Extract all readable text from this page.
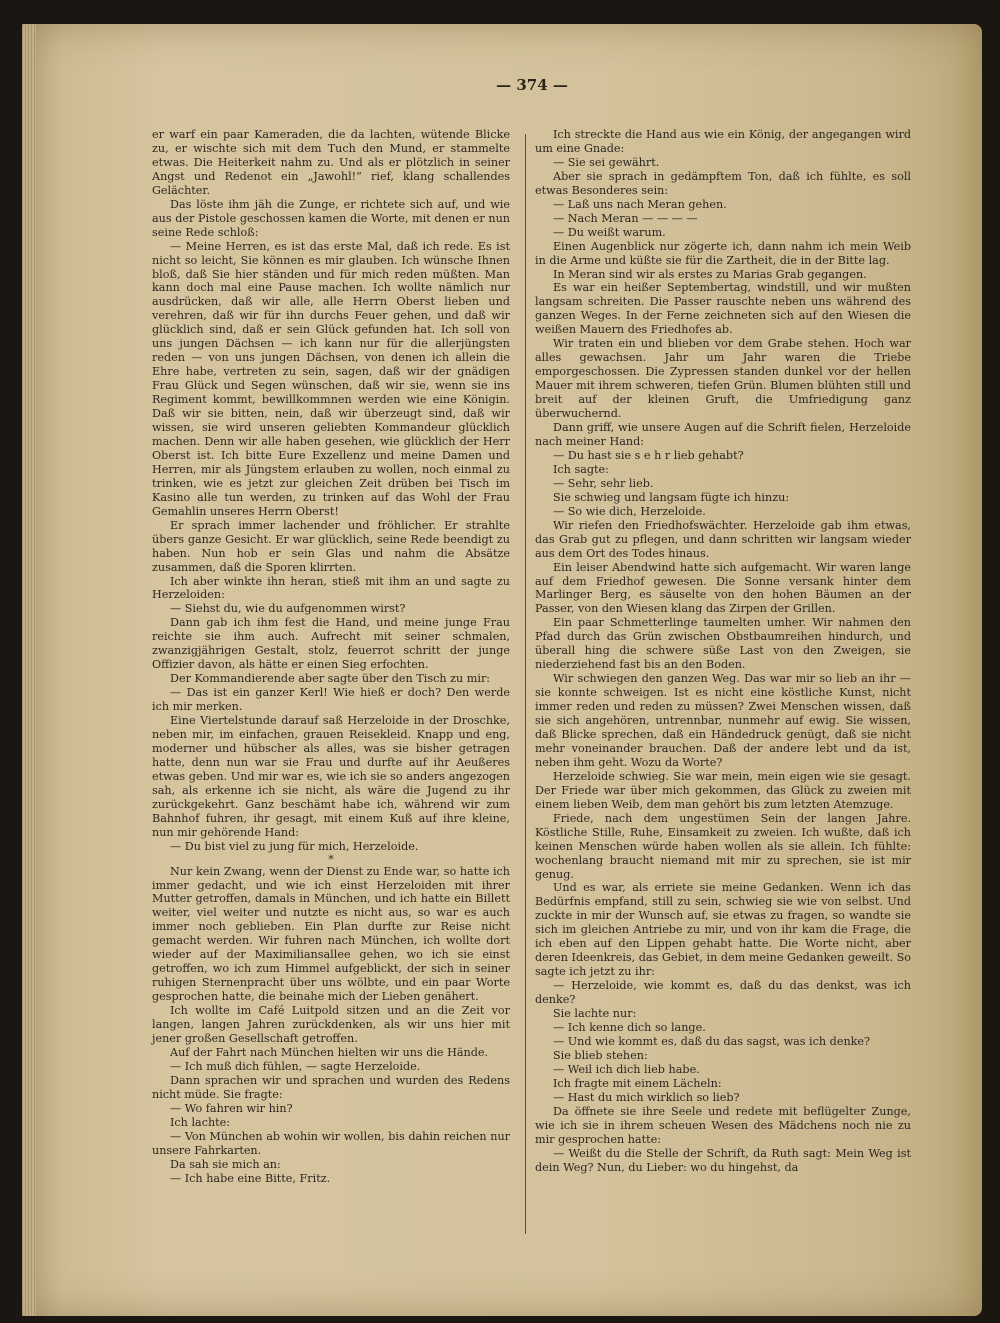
— 374 —

er warf ein paar Kameraden, die da lachten, wütende Blicke zu, er wischte sich mit dem Tuch den Mund, er stammelte etwas. Die Heiterkeit nahm zu. Und als er plötzlich in seiner Angst und Redenot ein „Jawohl!“ rief, klang schallendes Gelächter.

Das löste ihm jäh die Zunge, er richtete sich auf, und wie aus der Pistole geschossen kamen die Worte, mit denen er nun seine Rede schloß:

— Meine Herren, es ist das erste Mal, daß ich rede. Es ist nicht so leicht, Sie können es mir glauben. Ich wünsche Ihnen bloß, daß Sie hier ständen und für mich reden müßten. Man kann doch mal eine Pause machen. Ich wollte nämlich nur ausdrücken, daß wir alle, alle Herrn Oberst lieben und verehren, daß wir für ihn durchs Feuer gehen, und daß wir glücklich sind, daß er sein Glück gefunden hat. Ich soll von uns jungen Dächsen — ich kann nur für die allerjüngsten reden — von uns jungen Dächsen, von denen ich allein die Ehre habe, vertreten zu sein, sagen, daß wir der gnädigen Frau Glück und Segen wünschen, daß wir sie, wenn sie ins Regiment kommt, bewillkommnen werden wie eine Königin. Daß wir sie bitten, nein, daß wir überzeugt sind, daß wir wissen, sie wird unseren geliebten Kommandeur glücklich machen. Denn wir alle haben gesehen, wie glücklich der Herr Oberst ist. Ich bitte Eure Exzellenz und meine Damen und Herren, mir als Jüngstem erlauben zu wollen, noch einmal zu trinken, wie es jetzt zur gleichen Zeit drüben bei Tisch im Kasino alle tun werden, zu trinken auf das Wohl der Frau Gemahlin unseres Herrn Oberst!

Er sprach immer lachender und fröhlicher. Er strahlte übers ganze Gesicht. Er war glücklich, seine Rede beendigt zu haben. Nun hob er sein Glas und nahm die Absätze zusammen, daß die Sporen klirrten.

Ich aber winkte ihn heran, stieß mit ihm an und sagte zu Herzeloiden:

— Siehst du, wie du aufgenommen wirst?

Dann gab ich ihm fest die Hand, und meine junge Frau reichte sie ihm auch. Aufrecht mit seiner schmalen, zwanzigjährigen Gestalt, stolz, feuerrot schritt der junge Offizier davon, als hätte er einen Sieg erfochten.

Der Kommandierende aber sagte über den Tisch zu mir:

— Das ist ein ganzer Kerl! Wie hieß er doch? Den werde ich mir merken.

Eine Viertelstunde darauf saß Herzeloide in der Droschke, neben mir, im einfachen, grauen Reisekleid. Knapp und eng, moderner und hübscher als alles, was sie bisher getragen hatte, denn nun war sie Frau und durfte auf ihr Aeußeres etwas geben. Und mir war es, wie ich sie so anders angezogen sah, als erkenne ich sie nicht, als wäre die Jugend zu ihr zurückgekehrt. Ganz beschämt habe ich, während wir zum Bahnhof fuhren, ihr gesagt, mit einem Kuß auf ihre kleine, nun mir gehörende Hand:

— Du bist viel zu jung für mich, Herzeloide.

*

Nur kein Zwang, wenn der Dienst zu Ende war, so hatte ich immer gedacht, und wie ich einst Herzeloiden mit ihrer Mutter getroffen, damals in München, und ich hatte ein Billett weiter, viel weiter und nutzte es nicht aus, so war es auch immer noch geblieben. Ein Plan durfte zur Reise nicht gemacht werden. Wir fuhren nach München, ich wollte dort wieder auf der Maximiliansallee gehen, wo ich sie einst getroffen, wo ich zum Himmel aufgeblickt, der sich in seiner ruhigen Sternenpracht über uns wölbte, und ein paar Worte gesprochen hatte, die beinahe mich der Lieben genähert.

Ich wollte im Café Luitpold sitzen und an die Zeit vor langen, langen Jahren zurückdenken, als wir uns hier mit jener großen Gesellschaft getroffen.

Auf der Fahrt nach München hielten wir uns die Hände.

— Ich muß dich fühlen, — sagte Herzeloide.

Dann sprachen wir und sprachen und wurden des Redens nicht müde. Sie fragte:

— Wo fahren wir hin?

Ich lachte:

— Von München ab wohin wir wollen, bis dahin reichen nur unsere Fahrkarten.

Da sah sie mich an:

— Ich habe eine Bitte, Fritz.

Ich streckte die Hand aus wie ein König, der angegangen wird um eine Gnade:

— Sie sei gewährt.

Aber sie sprach in gedämpftem Ton, daß ich fühlte, es soll etwas Besonderes sein:

— Laß uns nach Meran gehen.

— Nach Meran — — — —

— Du weißt warum.

Einen Augenblick nur zögerte ich, dann nahm ich mein Weib in die Arme und küßte sie für die Zartheit, die in der Bitte lag.

In Meran sind wir als erstes zu Marias Grab gegangen.

Es war ein heißer Septembertag, windstill, und wir mußten langsam schreiten. Die Passer rauschte neben uns während des ganzen Weges. In der Ferne zeichneten sich auf den Wiesen die weißen Mauern des Friedhofes ab.

Wir traten ein und blieben vor dem Grabe stehen. Hoch war alles gewachsen. Jahr um Jahr waren die Triebe emporgeschossen. Die Zypressen standen dunkel vor der hellen Mauer mit ihrem schweren, tiefen Grün. Blumen blühten still und breit auf der kleinen Gruft, die Umfriedigung ganz überwuchernd.

Dann griff, wie unsere Augen auf die Schrift fielen, Herzeloide nach meiner Hand:

— Du hast sie s e h r lieb gehabt?

Ich sagte:

— Sehr, sehr lieb.

Sie schwieg und langsam fügte ich hinzu:

— So wie dich, Herzeloide.

Wir riefen den Friedhofswächter. Herzeloide gab ihm etwas, das Grab gut zu pflegen, und dann schritten wir langsam wieder aus dem Ort des Todes hinaus.

Ein leiser Abendwind hatte sich aufgemacht. Wir waren lange auf dem Friedhof gewesen. Die Sonne versank hinter dem Marlinger Berg, es säuselte von den hohen Bäumen an der Passer, von den Wiesen klang das Zirpen der Grillen.

Ein paar Schmetterlinge taumelten umher. Wir nahmen den Pfad durch das Grün zwischen Obstbaumreihen hindurch, und überall hing die schwere süße Last von den Zweigen, sie niederziehend fast bis an den Boden.

Wir schwiegen den ganzen Weg. Das war mir so lieb an ihr — sie konnte schweigen. Ist es nicht eine köstliche Kunst, nicht immer reden und reden zu müssen? Zwei Menschen wissen, daß sie sich angehören, untrennbar, nunmehr auf ewig. Sie wissen, daß Blicke sprechen, daß ein Händedruck genügt, daß sie nicht mehr voneinander brauchen. Daß der andere lebt und da ist, neben ihm geht. Wozu da Worte?

Herzeloide schwieg. Sie war mein, mein eigen wie sie gesagt. Der Friede war über mich gekommen, das Glück zu zweien mit einem lieben Weib, dem man gehört bis zum letzten Atemzuge.

Friede, nach dem ungestümen Sein der langen Jahre. Köstliche Stille, Ruhe, Einsamkeit zu zweien. Ich wußte, daß ich keinen Menschen würde haben wollen als sie allein. Ich fühlte: wochenlang braucht niemand mit mir zu sprechen, sie ist mir genug.

Und es war, als erriete sie meine Gedanken. Wenn ich das Bedürfnis empfand, still zu sein, schwieg sie wie von selbst. Und zuckte in mir der Wunsch auf, sie etwas zu fragen, so wandte sie sich im gleichen Antriebe zu mir, und von ihr kam die Frage, die ich eben auf den Lippen gehabt hatte. Die Worte nicht, aber deren Ideenkreis, das Gebiet, in dem meine Gedanken geweilt. So sagte ich jetzt zu ihr:

— Herzeloide, wie kommt es, daß du das denkst, was ich denke?

Sie lachte nur:

— Ich kenne dich so lange.

— Und wie kommt es, daß du das sagst, was ich denke?

Sie blieb stehen:

— Weil ich dich lieb habe.

Ich fragte mit einem Lächeln:

— Hast du mich wirklich so lieb?

Da öffnete sie ihre Seele und redete mit beflügelter Zunge, wie ich sie in ihrem scheuen Wesen des Mädchens noch nie zu mir gesprochen hatte:

— Weißt du die Stelle der Schrift, da Ruth sagt: Mein Weg ist dein Weg? Nun, du Lieber: wo du hingehst, da
